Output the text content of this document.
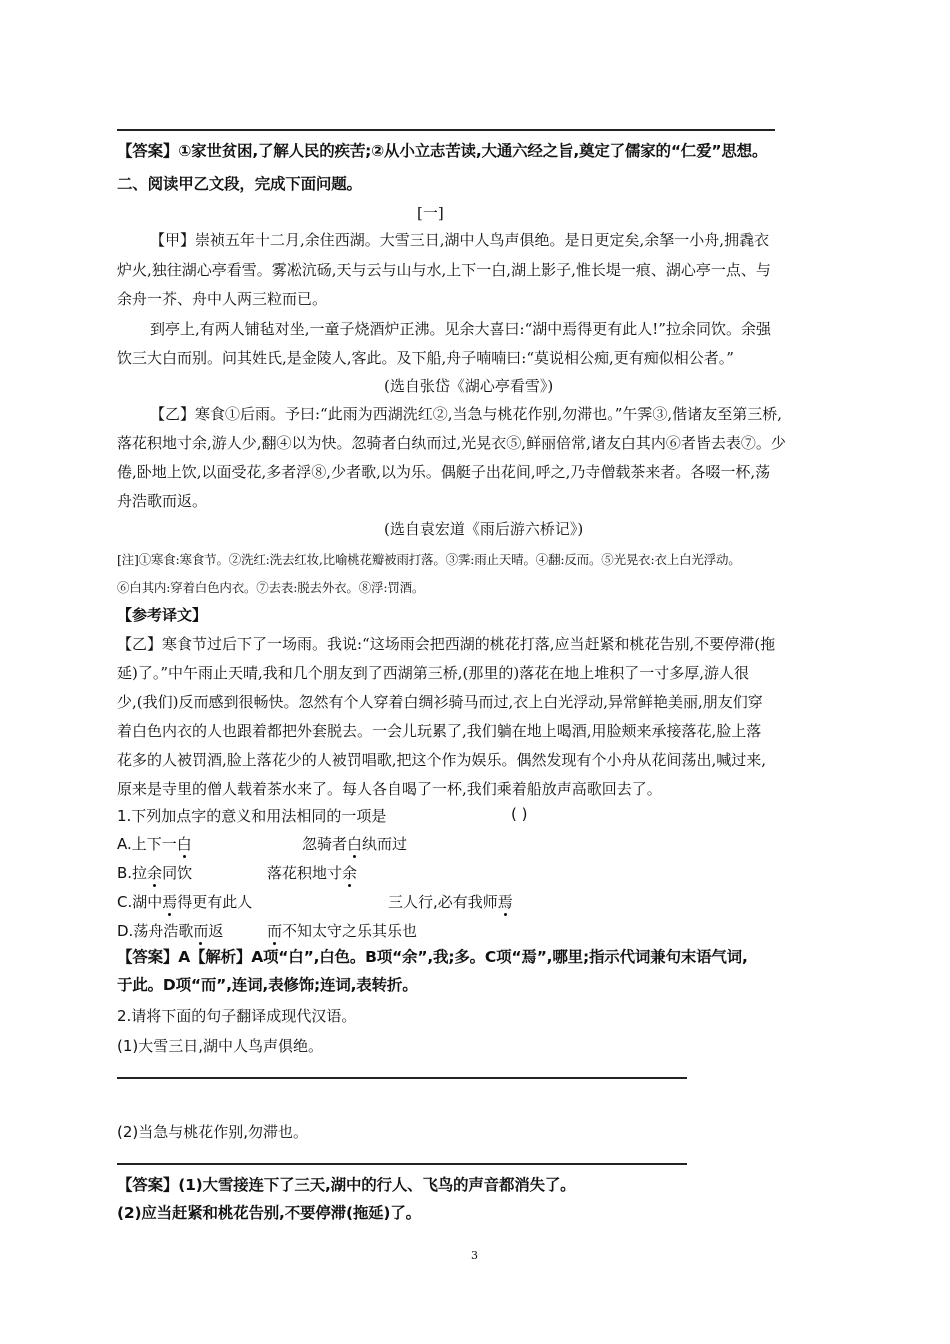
【答案】①家世贫困,了解人民的疾苦;②从小立志苦读,大通六经之旨,奠定了儒家的“仁爱”思想。
二、阅读甲乙文段，完成下面问题。
[一]
【甲】崇祯五年十二月,余住西湖。大雪三日,湖中人鸟声俱绝。是日更定矣,余拏一小舟,拥毳衣
炉火,独往湖心亭看雪。雾凇沆砀,天与云与山与水,上下一白,湖上影子,惟长堤一痕、湖心亭一点、与
余舟一芥、舟中人两三粒而已。
到亭上,有两人铺毡对坐,一童子烧酒炉正沸。见余大喜曰:“湖中焉得更有此人!”拉余同饮。余强
饮三大白而别。问其姓氏,是金陵人,客此。及下船,舟子喃喃曰:“莫说相公痴,更有痴似相公者。”
(选自张岱《湖心亭看雪》)
【乙】寒食①后雨。予曰:“此雨为西湖洗红②,当急与桃花作别,勿滞也。”午霁③,偕诸友至第三桥,
落花积地寸余,游人少,翻④以为快。忽骑者白纨而过,光晃衣⑤,鲜丽倍常,诸友白其内⑥者皆去表⑦。少
倦,卧地上饮,以面受花,多者浮⑧,少者歌,以为乐。偶艇子出花间,呼之,乃寺僧载茶来者。各啜一杯,荡
舟浩歌而返。
(选自袁宏道《雨后游六桥记》)
[注]①寒食:寒食节。②洗红:洗去红妆,比喻桃花瓣被雨打落。③霁:雨止天晴。④翻:反而。⑤光晃衣:衣上白光浮动。
⑥白其内:穿着白色内衣。⑦去表:脱去外衣。⑧浮:罚酒。
【参考译文】
【乙】寒食节过后下了一场雨。我说:“这场雨会把西湖的桃花打落,应当赶紧和桃花告别,不要停滞(拖
延)了。”中午雨止天晴,我和几个朋友到了西湖第三桥,(那里的)落花在地上堆积了一寸多厚,游人很
少,(我们)反而感到很畅快。忽然有个人穿着白绸衫骑马而过,衣上白光浮动,异常鲜艳美丽,朋友们穿
着白色内衣的人也跟着都把外套脱去。一会儿玩累了,我们躺在地上喝酒,用脸颊来承接落花,脸上落
花多的人被罚酒,脸上落花少的人被罚唱歌,把这个作为娱乐。偶然发现有个小舟从花间荡出,喊过来,
原来是寺里的僧人载着茶水来了。每人各自喝了一杯,我们乘着船放声高歌回去了。
1.下列加点字的意义和用法相同的一项是	( )
A.上下一白	忽骑者白纨而过
B.拉余同饮	落花积地寸余
C.湖中焉得更有此人	三人行,必有我师焉
D.荡舟浩歌而返	而不知太守之乐其乐也
【答案】A【解析】A项“白”,白色。B项“余”,我;多。C项“焉”,哪里;指示代词兼句末语气词,
于此。D项“而”,连词,表修饰;连词,表转折。
2.请将下面的句子翻译成现代汉语。
(1)大雪三日,湖中人鸟声俱绝。
(2)当急与桃花作别,勿滞也。
【答案】(1)大雪接连下了三天,湖中的行人、飞鸟的声音都消失了。
(2)应当赶紧和桃花告别,不要停滞(拖延)了。
3
